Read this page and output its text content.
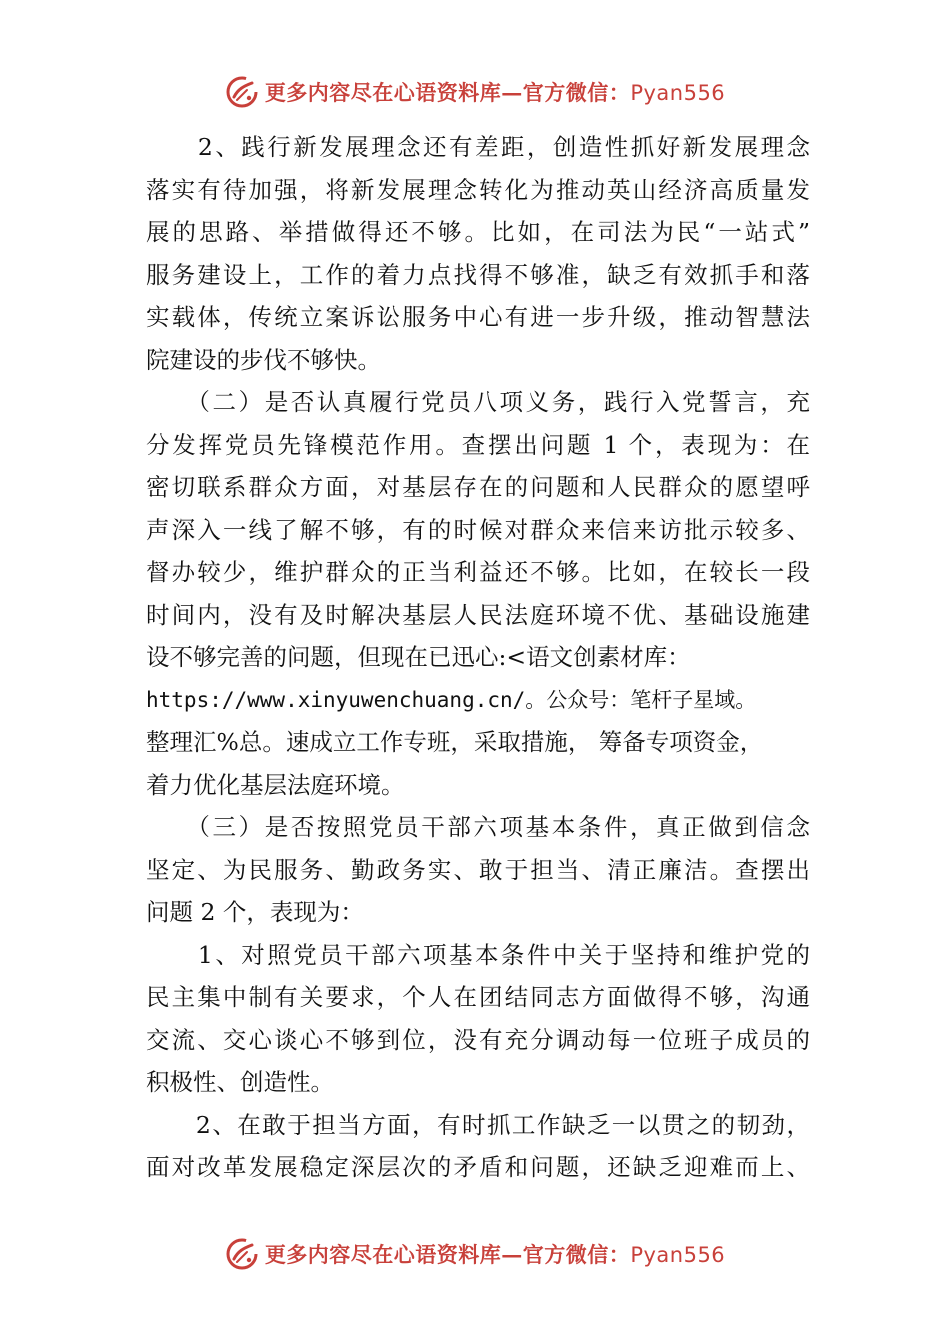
更多内容尽在心语资料库—官方微信：Pyan556
　　2、践行新发展理念还有差距，创造性抓好新发展理念
落实有待加强，将新发展理念转化为推动英山经济高质量发
展的思路、举措做得还不够。比如，在司法为民“一站式”
服务建设上，工作的着力点找得不够准，缺乏有效抓手和落
实载体，传统立案诉讼服务中心有进一步升级，推动智慧法
院建设的步伐不够快。
　　（二）是否认真履行党员八项义务，践行入党誓言，充
分发挥党员先锋模范作用。查摆出问题 1 个，表现为：在
密切联系群众方面，对基层存在的问题和人民群众的愿望呼
声深入一线了解不够，有的时候对群众来信来访批示较多、
督办较少，维护群众的正当利益还不够。比如，在较长一段
时间内，没有及时解决基层人民法庭环境不优、基础设施建
设不够完善的问题，但现在已迅心:<语文创素材库：
https://www.xinyuwenchuang.cn/。公众号：笔杆子星域。
整理汇%总。速成立工作专班，采取措施， 筹备专项资金，
着力优化基层法庭环境。
　　（三）是否按照党员干部六项基本条件，真正做到信念
坚定、为民服务、勤政务实、敢于担当、清正廉洁。查摆出
问题 2 个，表现为：
　　1、对照党员干部六项基本条件中关于坚持和维护党的
民主集中制有关要求，个人在团结同志方面做得不够，沟通
交流、交心谈心不够到位，没有充分调动每一位班子成员的
积极性、创造性。
　　2、在敢于担当方面，有时抓工作缺乏一以贯之的韧劲，
面对改革发展稳定深层次的矛盾和问题，还缺乏迎难而上、
更多内容尽在心语资料库—官方微信：Pyan556
